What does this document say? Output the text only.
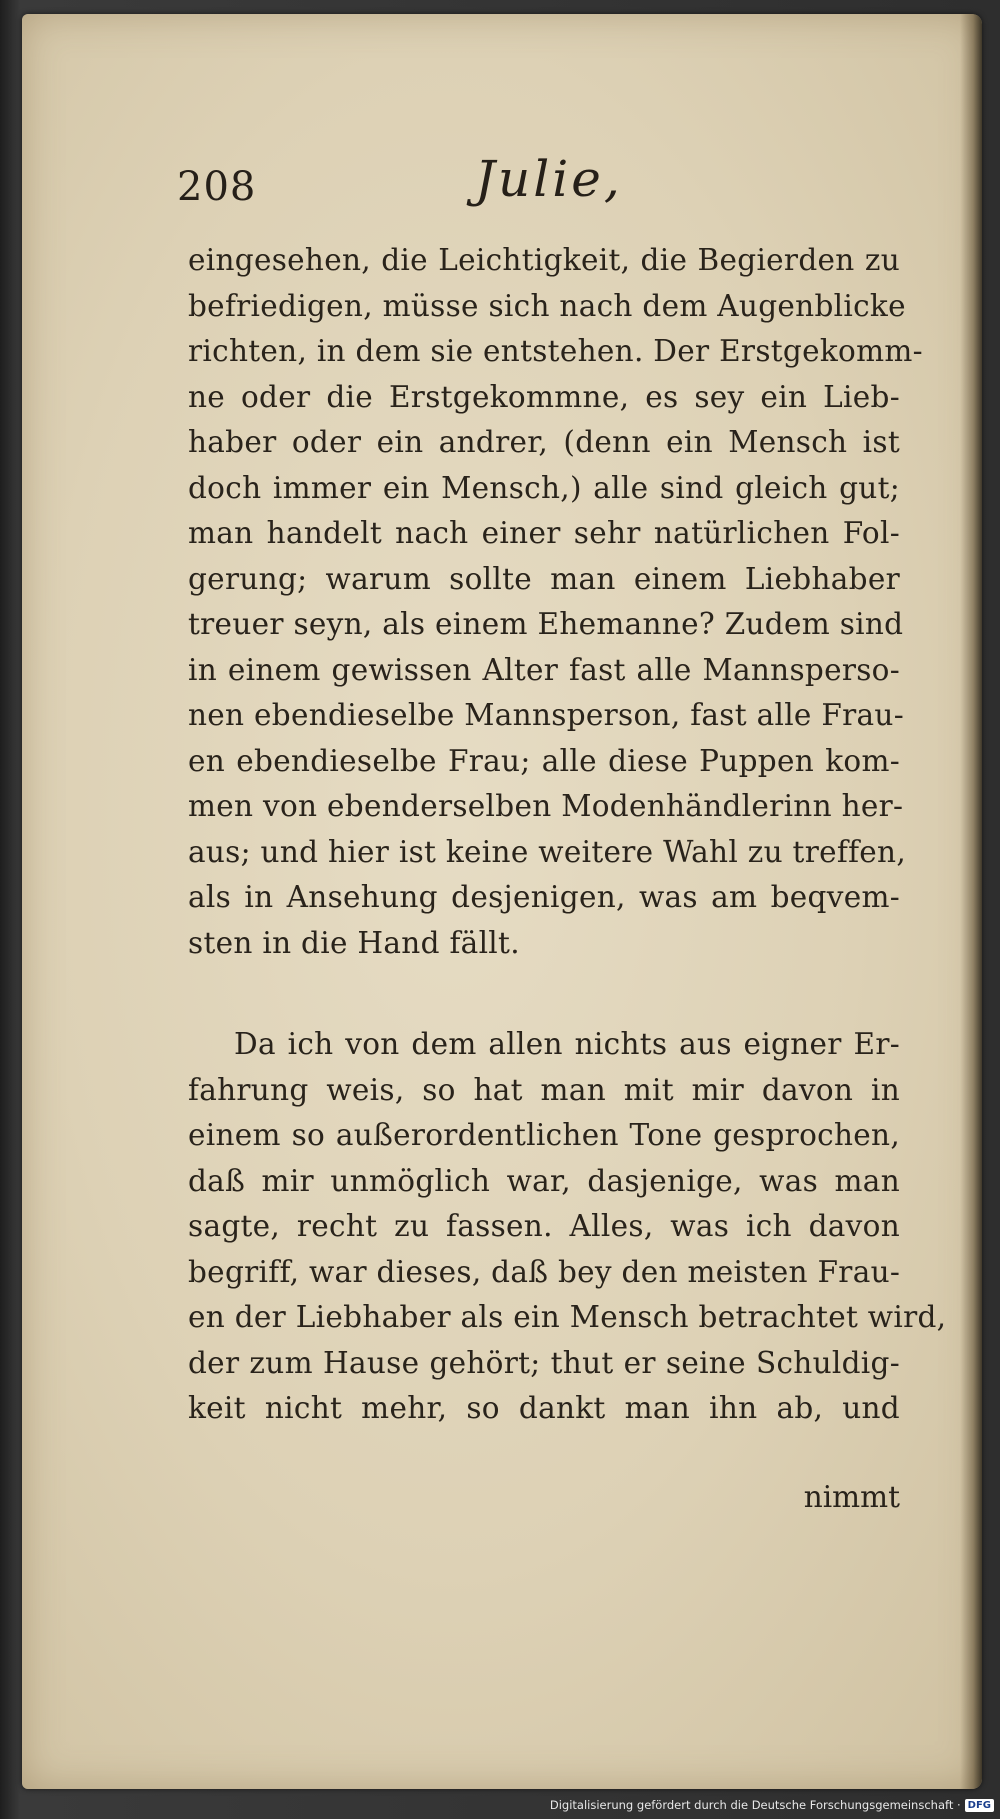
208	Julie,
eingesehen, die Leichtigkeit, die Begierden zu
befriedigen, müsse sich nach dem Augenblicke
richten, in dem sie entstehen. Der Erstgekomm-
ne oder die Erstgekommne, es sey ein Lieb-
haber oder ein andrer, (denn ein Mensch ist
doch immer ein Mensch,) alle sind gleich gut;
man handelt nach einer sehr natürlichen Fol-
gerung; warum sollte man einem Liebhaber
treuer seyn, als einem Ehemanne? Zudem sind
in einem gewissen Alter fast alle Mannsperso-
nen ebendieselbe Mannsperson, fast alle Frau-
en ebendieselbe Frau; alle diese Puppen kom-
men von ebenderselben Modenhändlerinn her-
aus; und hier ist keine weitere Wahl zu treffen,
als in Ansehung desjenigen, was am beqvem-
sten in die Hand fällt.
Da ich von dem allen nichts aus eigner Er-
fahrung weis, so hat man mit mir davon in
einem so außerordentlichen Tone gesprochen,
daß mir unmöglich war, dasjenige, was man
sagte, recht zu fassen. Alles, was ich davon
begriff, war dieses, daß bey den meisten Frau-
en der Liebhaber als ein Mensch betrachtet wird,
der zum Hause gehört; thut er seine Schuldig-
keit nicht mehr, so dankt man ihn ab, und
nimmt
Digitalisierung gefördert durch die Deutsche Forschungsgemeinschaft · DFG
